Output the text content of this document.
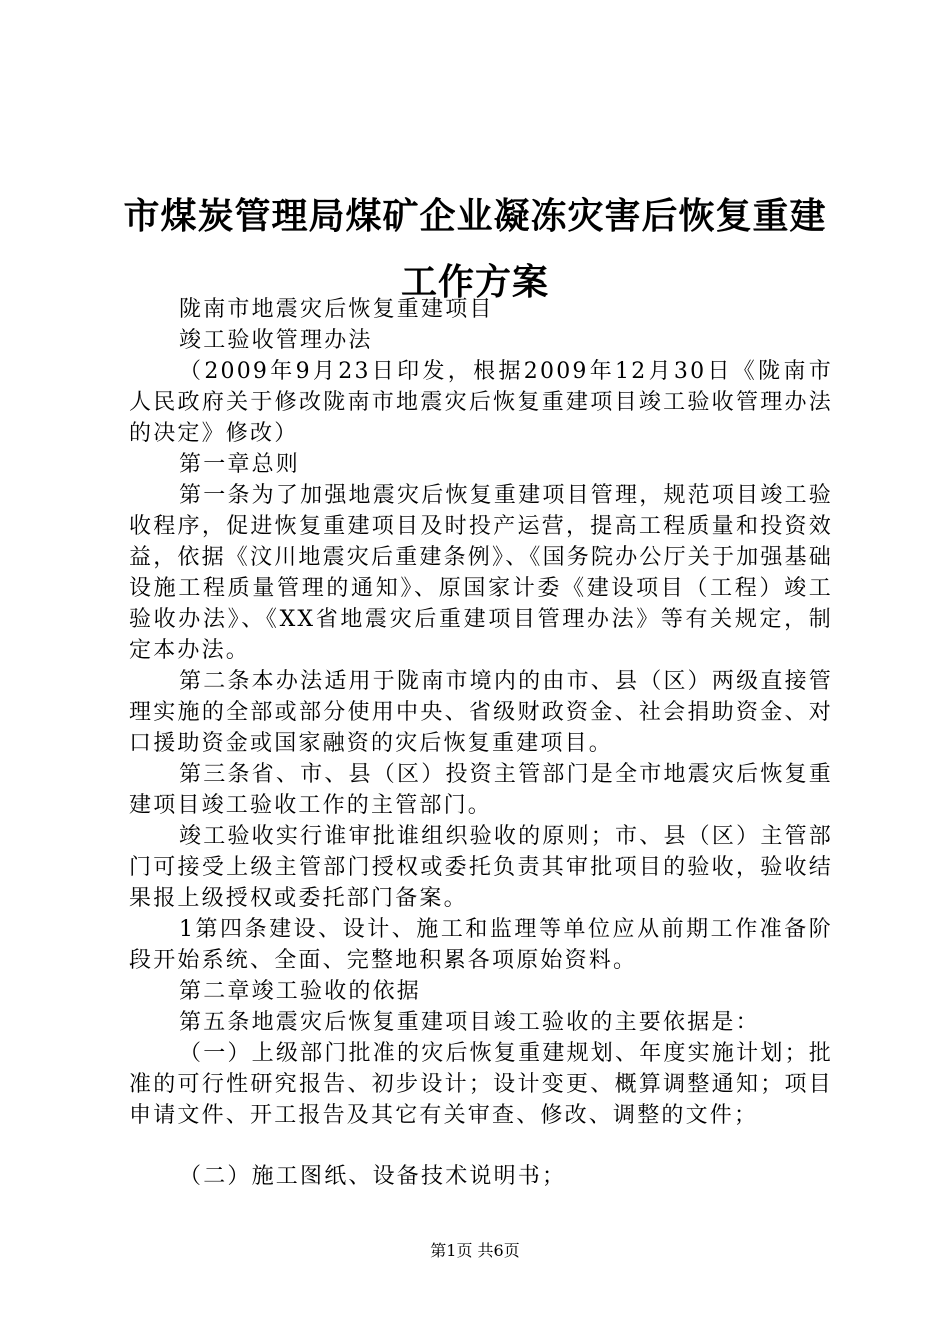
市煤炭管理局煤矿企业凝冻灾害后恢复重建工作方案

陇南市地震灾后恢复重建项目

竣工验收管理办法

（2009年9月23日印发，根据2009年12月30日《陇南市人民政府关于修改陇南市地震灾后恢复重建项目竣工验收管理办法的决定》修改）

第一章总则

第一条为了加强地震灾后恢复重建项目管理，规范项目竣工验收程序，促进恢复重建项目及时投产运营，提高工程质量和投资效益，依据《汶川地震灾后重建条例》、《国务院办公厅关于加强基础设施工程质量管理的通知》、原国家计委《建设项目（工程）竣工验收办法》、《XX省地震灾后重建项目管理办法》等有关规定，制定本办法。

第二条本办法适用于陇南市境内的由市、县（区）两级直接管理实施的全部或部分使用中央、省级财政资金、社会捐助资金、对口援助资金或国家融资的灾后恢复重建项目。

第三条省、市、县（区）投资主管部门是全市地震灾后恢复重建项目竣工验收工作的主管部门。

竣工验收实行谁审批谁组织验收的原则；市、县（区）主管部门可接受上级主管部门授权或委托负责其审批项目的验收，验收结果报上级授权或委托部门备案。

1第四条建设、设计、施工和监理等单位应从前期工作准备阶段开始系统、全面、完整地积累各项原始资料。

第二章竣工验收的依据

第五条地震灾后恢复重建项目竣工验收的主要依据是：

（一）上级部门批准的灾后恢复重建规划、年度实施计划；批准的可行性研究报告、初步设计；设计变更、概算调整通知；项目申请文件、开工报告及其它有关审查、修改、调整的文件；

（二）施工图纸、设备技术说明书；

第1页 共6页
